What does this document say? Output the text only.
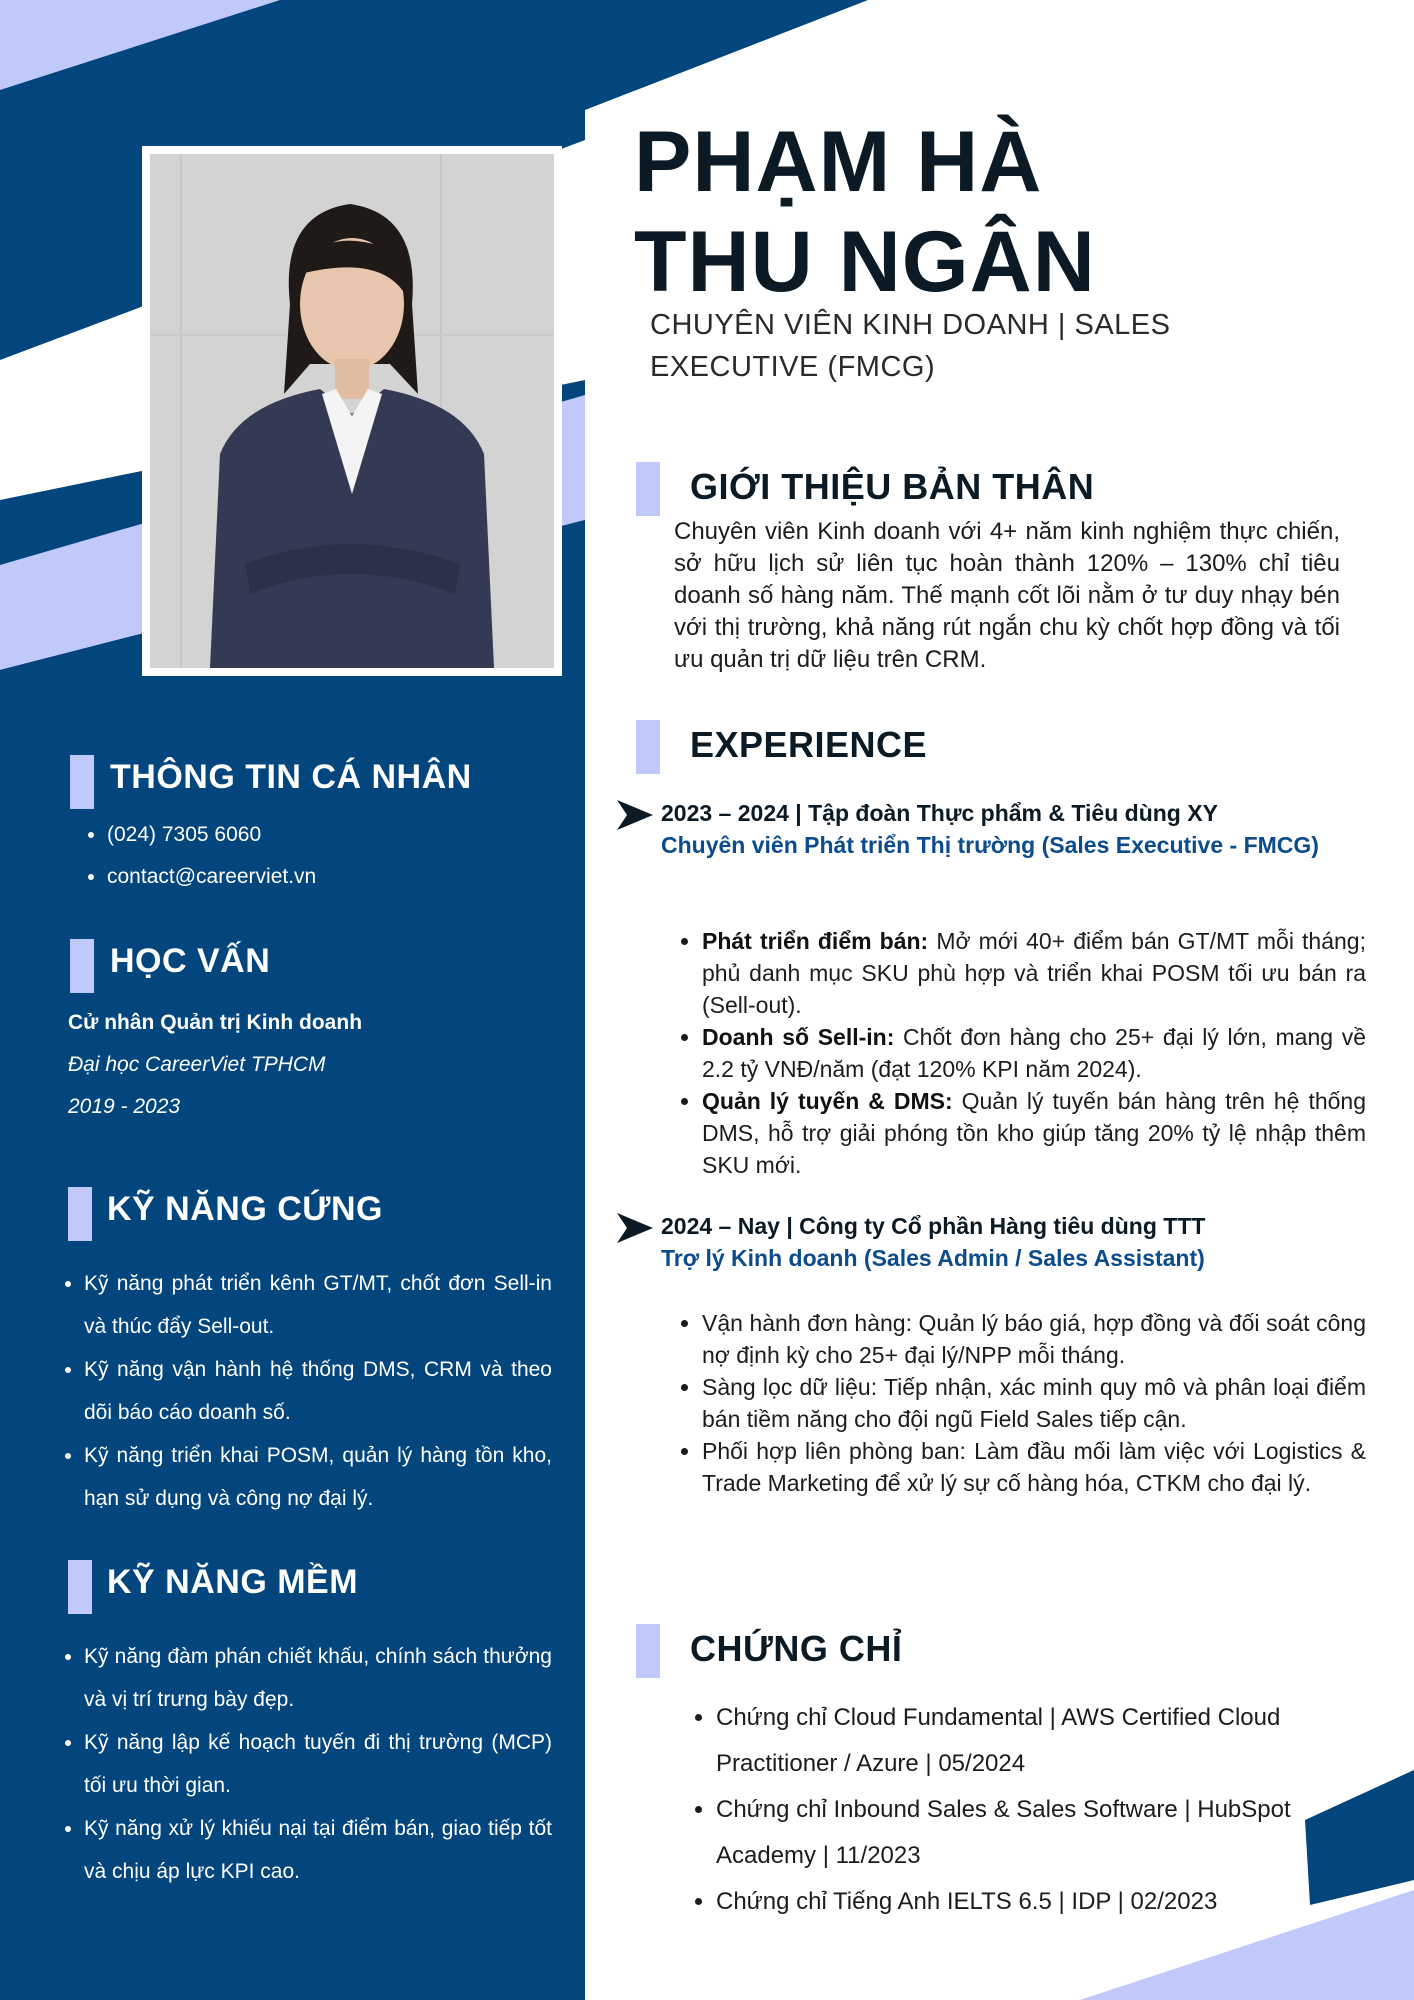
PHẠM HÀ
THU NGÂN
CHUYÊN VIÊN KINH DOANH | SALES
EXECUTIVE (FMCG)
GIỚI THIỆU BẢN THÂN
Chuyên viên Kinh doanh với 4+ năm kinh nghiệm thực chiến, sở hữu lịch sử liên tục hoàn thành 120% – 130% chỉ tiêu doanh số hàng năm. Thế mạnh cốt lõi nằm ở tư duy nhạy bén với thị trường, khả năng rút ngắn chu kỳ chốt hợp đồng và tối ưu quản trị dữ liệu trên CRM.
EXPERIENCE
2023 – 2024 | Tập đoàn Thực phẩm & Tiêu dùng XY
Chuyên viên Phát triển Thị trường (Sales Executive - FMCG)
• Phát triển điểm bán: Mở mới 40+ điểm bán GT/MT mỗi tháng; phủ danh mục SKU phù hợp và triển khai POSM tối ưu bán ra (Sell-out).
• Doanh số Sell-in: Chốt đơn hàng cho 25+ đại lý lớn, mang về 2.2 tỷ VNĐ/năm (đạt 120% KPI năm 2024).
• Quản lý tuyến & DMS: Quản lý tuyến bán hàng trên hệ thống DMS, hỗ trợ giải phóng tồn kho giúp tăng 20% tỷ lệ nhập thêm SKU mới.
2024 – Nay | Công ty Cổ phần Hàng tiêu dùng TTT
Trợ lý Kinh doanh (Sales Admin / Sales Assistant)
• Vận hành đơn hàng: Quản lý báo giá, hợp đồng và đối soát công nợ định kỳ cho 25+ đại lý/NPP mỗi tháng.
• Sàng lọc dữ liệu: Tiếp nhận, xác minh quy mô và phân loại điểm bán tiềm năng cho đội ngũ Field Sales tiếp cận.
• Phối hợp liên phòng ban: Làm đầu mối làm việc với Logistics & Trade Marketing để xử lý sự cố hàng hóa, CTKM cho đại lý.
CHỨNG CHỈ
• Chứng chỉ Cloud Fundamental | AWS Certified Cloud Practitioner / Azure | 05/2024
• Chứng chỉ Inbound Sales & Sales Software | HubSpot Academy | 11/2023
• Chứng chỉ Tiếng Anh IELTS 6.5 | IDP | 02/2023
THÔNG TIN CÁ NHÂN
• (024) 7305 6060
• contact@careerviet.vn
HỌC VẤN
Cử nhân Quản trị Kinh doanh
Đại học CareerViet TPHCM
2019 - 2023
KỸ NĂNG CỨNG
• Kỹ năng phát triển kênh GT/MT, chốt đơn Sell-in và thúc đẩy Sell-out.
• Kỹ năng vận hành hệ thống DMS, CRM và theo dõi báo cáo doanh số.
• Kỹ năng triển khai POSM, quản lý hàng tồn kho, hạn sử dụng và công nợ đại lý.
KỸ NĂNG MỀM
• Kỹ năng đàm phán chiết khấu, chính sách thưởng và vị trí trưng bày đẹp.
• Kỹ năng lập kế hoạch tuyến đi thị trường (MCP) tối ưu thời gian.
• Kỹ năng xử lý khiếu nại tại điểm bán, giao tiếp tốt và chịu áp lực KPI cao.
